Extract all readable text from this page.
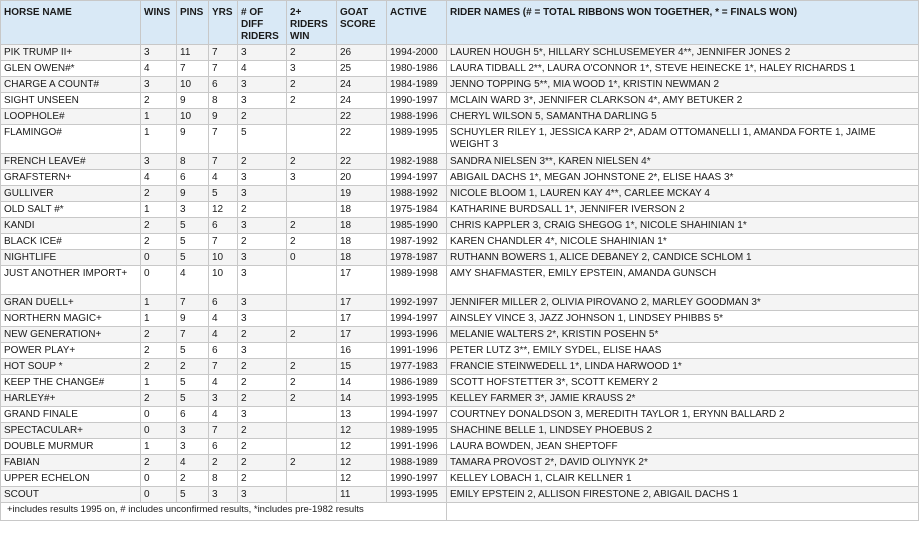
HORSE NAME	WINS	PINS	YRS	# OF DIFF RIDERS	2+ RIDERS WIN	GOAT SCORE	ACTIVE	RIDER NAMES (# = TOTAL RIBBONS WON TOGETHER, * = FINALS WON)
PIK TRUMP II+	3	11	7	3	2	26	1994-2000	LAUREN HOUGH 5*, HILLARY SCHLUSEMEYER 4**, JENNIFER JONES 2
GLEN OWEN#*	4	7	7	4	3	25	1980-1986	LAURA TIDBALL 2**, LAURA O'CONNOR 1*, STEVE HEINECKE 1*, HALEY RICHARDS 1
CHARGE A COUNT#	3	10	6	3	2	24	1984-1989	JENNO TOPPING 5**, MIA WOOD 1*, KRISTIN NEWMAN 2
SIGHT UNSEEN	2	9	8	3	2	24	1990-1997	MCLAIN WARD 3*, JENNIFER CLARKSON 4*, AMY BETUKER 2
LOOPHOLE#	1	10	9	2		22	1988-1996	CHERYL WILSON 5, SAMANTHA DARLING 5
FLAMINGO#	1	9	7	5		22	1989-1995	SCHUYLER RILEY 1, JESSICA KARP 2*, ADAM OTTOMANELLI 1, AMANDA FORTE 1, JAIME WEIGHT 3
FRENCH LEAVE#	3	8	7	2	2	22	1982-1988	SANDRA NIELSEN 3**, KAREN NIELSEN 4*
GRAFSTERN+	4	6	4	3	3	20	1994-1997	ABIGAIL DACHS 1*, MEGAN JOHNSTONE 2*, ELISE HAAS 3*
GULLIVER	2	9	5	3		19	1988-1992	NICOLE BLOOM 1, LAUREN KAY 4**, CARLEE MCKAY 4
OLD SALT #*	1	3	12	2		18	1975-1984	KATHARINE BURDSALL 1*, JENNIFER IVERSON 2
KANDI	2	5	6	3	2	18	1985-1990	CHRIS KAPPLER 3, CRAIG SHEGOG 1*, NICOLE SHAHINIAN 1*
BLACK ICE#	2	5	7	2	2	18	1987-1992	KAREN CHANDLER 4*, NICOLE SHAHINIAN 1*
NIGHTLIFE	0	5	10	3	0	18	1978-1987	RUTHANN BOWERS 1, ALICE DEBANEY 2, CANDICE SCHLOM 1
JUST ANOTHER IMPORT+	0	4	10	3		17	1989-1998	AMY SHAFMASTER, EMILY EPSTEIN, AMANDA GUNSCH
GRAN DUELL+	1	7	6	3		17	1992-1997	JENNIFER MILLER 2, OLIVIA PIROVANO 2, MARLEY GOODMAN 3*
NORTHERN MAGIC+	1	9	4	3		17	1994-1997	AINSLEY VINCE 3, JAZZ JOHNSON 1, LINDSEY PHIBBS 5*
NEW GENERATION+	2	7	4	2	2	17	1993-1996	MELANIE WALTERS 2*, KRISTIN POSEHN 5*
POWER PLAY+	2	5	6	3		16	1991-1996	PETER LUTZ 3**, EMILY SYDEL, ELISE HAAS
HOT SOUP *	2	2	7	2	2	15	1977-1983	FRANCIE STEINWEDELL 1*, LINDA HARWOOD 1*
KEEP THE CHANGE#	1	5	4	2	2	14	1986-1989	SCOTT HOFSTETTER 3*, SCOTT KEMERY 2
HARLEY#+	2	5	3	2	2	14	1993-1995	KELLEY FARMER 3*, JAMIE KRAUSS 2*
GRAND FINALE	0	6	4	3		13	1994-1997	COURTNEY DONALDSON 3, MEREDITH TAYLOR 1, ERYNN BALLARD 2
SPECTACULAR+	0	3	7	2		12	1989-1995	SHACHINE BELLE 1, LINDSEY PHOEBUS 2
DOUBLE MURMUR	1	3	6	2		12	1991-1996	LAURA BOWDEN, JEAN SHEPTOFF
FABIAN	2	4	2	2	2	12	1988-1989	TAMARA PROVOST 2*, DAVID OLIYNYK 2*
UPPER ECHELON	0	2	8	2		12	1990-1997	KELLEY LOBACH 1, CLAIR KELLNER 1
SCOUT	0	5	3	3		11	1993-1995	EMILY EPSTEIN 2, ALLISON FIRESTONE 2, ABIGAIL DACHS 1
+includes results 1995 on, # includes unconfirmed results, *includes pre-1982 results								
